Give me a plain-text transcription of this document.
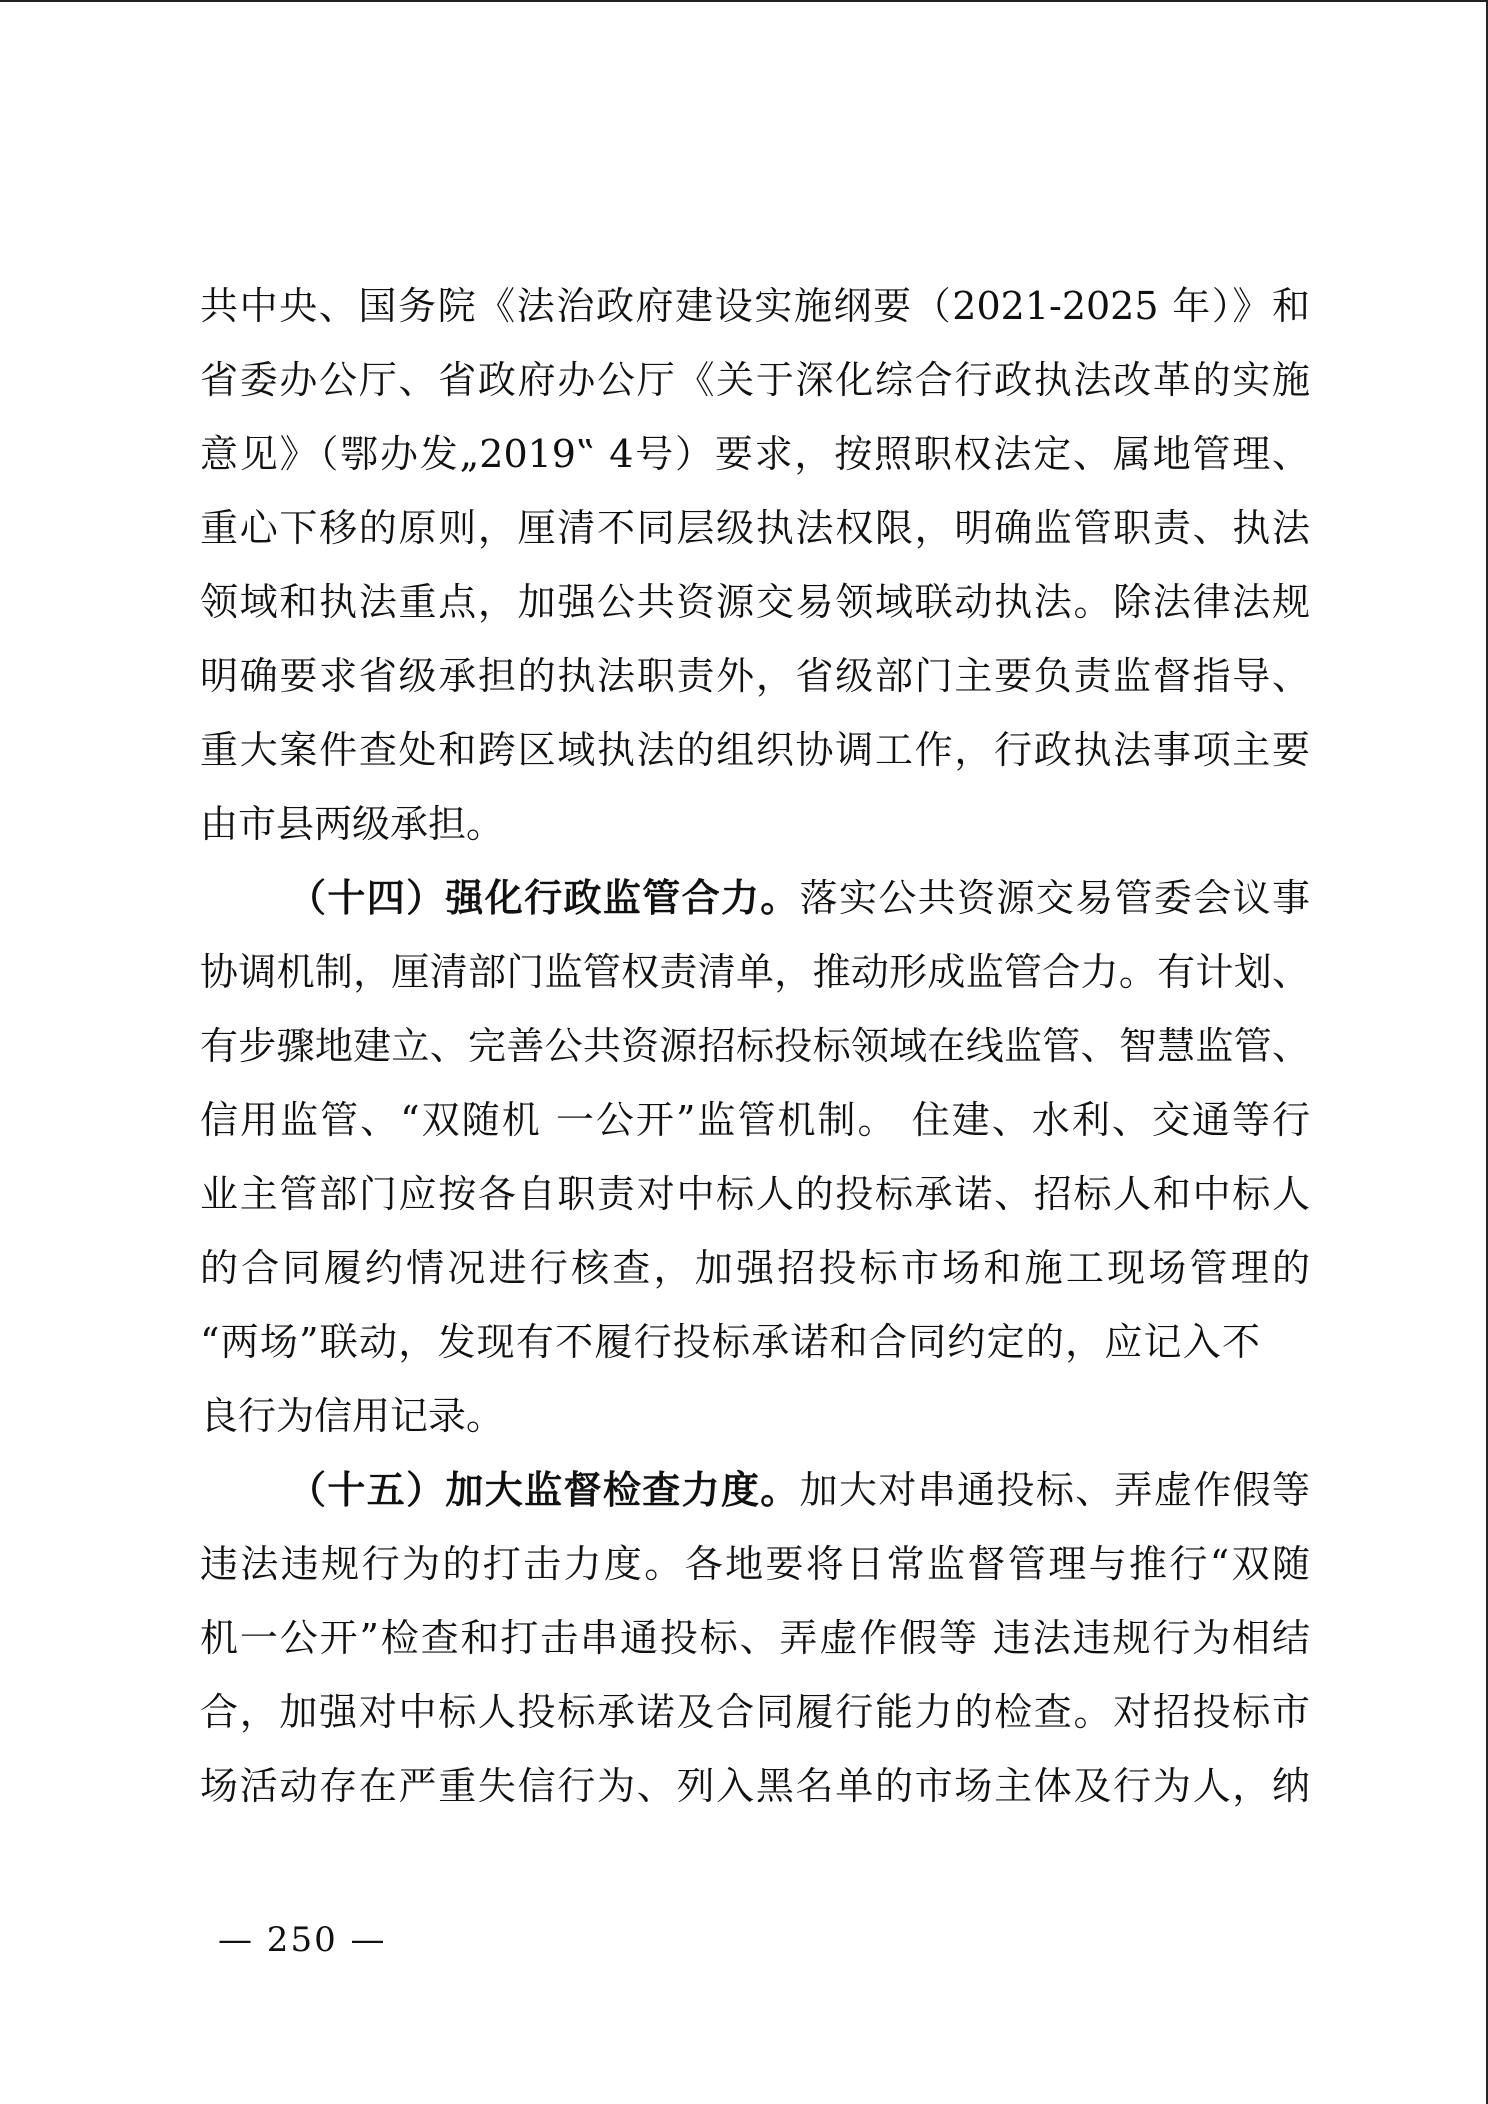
共中央、国务院《法治政府建设实施纲要（2021-2025 年）》和
省委办公厅、省政府办公厅《关于深化综合行政执法改革的实施
意见》（鄂办发„2019‟ 4号）要求，按照职权法定、属地管理、
重心下移的原则，厘清不同层级执法权限，明确监管职责、执法
领域和执法重点，加强公共资源交易领域联动执法。除法律法规
明确要求省级承担的执法职责外，省级部门主要负责监督指导、
重大案件查处和跨区域执法的组织协调工作，行政执法事项主要
由市县两级承担。
（十四）强化行政监管合力。落实公共资源交易管委会议事
协调机制，厘清部门监管权责清单，推动形成监管合力。有计划、
有步骤地建立、完善公共资源招标投标领域在线监管、智慧监管、
信用监管、“双随机 一公开”监管机制。 住建、水利、交通等行
业主管部门应按各自职责对中标人的投标承诺、招标人和中标人
的合同履约情况进行核查，加强招投标市场和施工现场管理的
“两场”联动，发现有不履行投标承诺和合同约定的，应记入不
良行为信用记录。
（十五）加大监督检查力度。加大对串通投标、弄虚作假等
违法违规行为的打击力度。各地要将日常监督管理与推行“双随
机一公开”检查和打击串通投标、弄虚作假等 违法违规行为相结
合，加强对中标人投标承诺及合同履行能力的检查。对招投标市
场活动存在严重失信行为、列入黑名单的市场主体及行为人，纳
— 250 —
